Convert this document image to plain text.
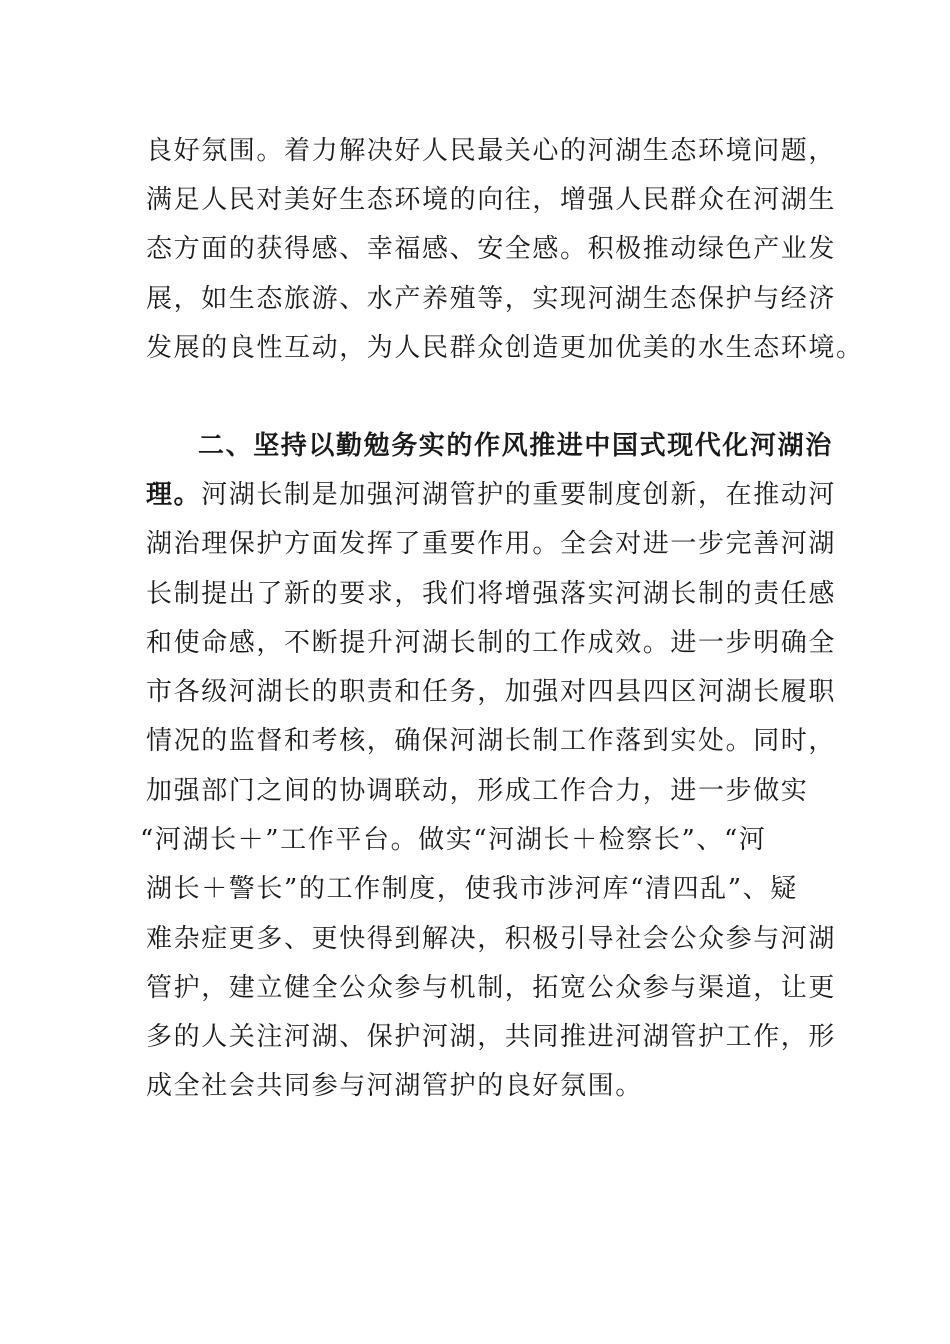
良好氛围。着力解决好人民最关心的河湖生态环境问题，
满足人民对美好生态环境的向往，增强人民群众在河湖生
态方面的获得感、幸福感、安全感。积极推动绿色产业发
展，如生态旅游、水产养殖等，实现河湖生态保护与经济
发展的良性互动，为人民群众创造更加优美的水生态环境。
二、坚持以勤勉务实的作风推进中国式现代化河湖治
理。河湖长制是加强河湖管护的重要制度创新，在推动河
湖治理保护方面发挥了重要作用。全会对进一步完善河湖
长制提出了新的要求，我们将增强落实河湖长制的责任感
和使命感，不断提升河湖长制的工作成效。进一步明确全
市各级河湖长的职责和任务，加强对四县四区河湖长履职
情况的监督和考核，确保河湖长制工作落到实处。同时，
加强部门之间的协调联动，形成工作合力，进一步做实
“河湖长＋”工作平台。做实“河湖长＋检察长”、“河
湖长＋警长”的工作制度，使我市涉河库“清四乱”、疑
难杂症更多、更快得到解决，积极引导社会公众参与河湖
管护，建立健全公众参与机制，拓宽公众参与渠道，让更
多的人关注河湖、保护河湖，共同推进河湖管护工作，形
成全社会共同参与河湖管护的良好氛围。
